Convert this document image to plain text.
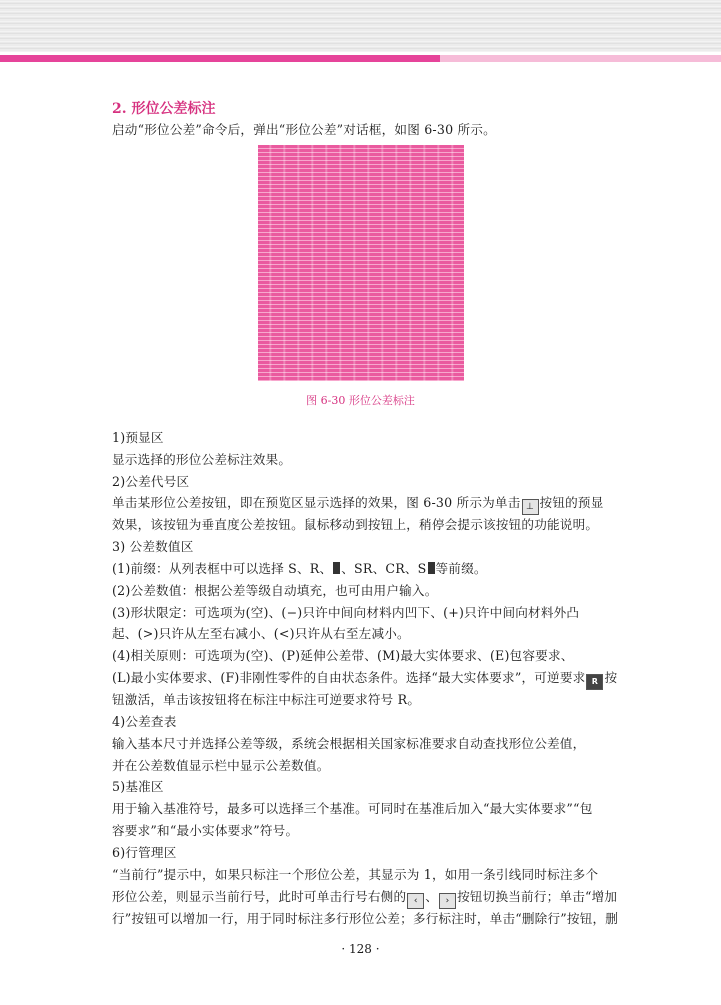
2. 形位公差标注
启动“形位公差”命令后，弹出“形位公差”对话框，如图 6-30 所示。
图 6-30 形位公差标注
1)预显区
显示选择的形位公差标注效果。
2)公差代号区
单击某形位公差按钮，即在预览区显示选择的效果，图 6-30 所示为单击 ⊥ 按钮的预显
效果，该按钮为垂直度公差按钮。鼠标移动到按钮上，稍停会提示该按钮的功能说明。
3) 公差数值区
(1)前缀：从列表框中可以选择 S、R、 、SR、CR、S 等前缀。
(2)公差数值：根据公差等级自动填充，也可由用户输入。
(3)形状限定：可选项为(空)、(−)只许中间向材料内凹下、(+)只许中间向材料外凸
起、(>)只许从左至右减小、(<)只许从右至左减小。
(4)相关原则：可选项为(空)、(P)延伸公差带、(M)最大实体要求、(E)包容要求、
(L)最小实体要求、(F)非刚性零件的自由状态条件。选择“最大实体要求”，可逆要求 R 按
钮激活，单击该按钮将在标注中标注可逆要求符号 R。
4)公差查表
输入基本尺寸并选择公差等级，系统会根据相关国家标准要求自动查找形位公差值，
并在公差数值显示栏中显示公差数值。
5)基准区
用于输入基准符号，最多可以选择三个基准。可同时在基准后加入“最大实体要求”“包
容要求”和“最小实体要求”符号。
6)行管理区
“当前行”提示中，如果只标注一个形位公差，其显示为 1，如用一条引线同时标注多个
形位公差，则显示当前行号，此时可单击行号右侧的 ‹ 、 › 按钮切换当前行；单击“增加
行”按钮可以增加一行，用于同时标注多行形位公差；多行标注时，单击“删除行”按钮，删
· 128 ·
